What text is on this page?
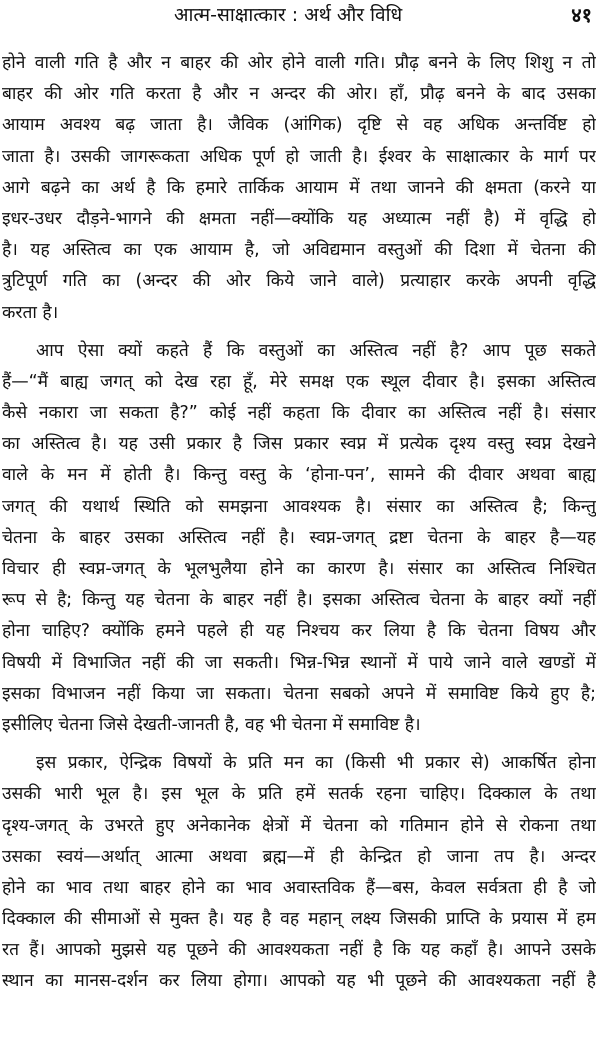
आत्म-साक्षात्कार : अर्थ और विधि	४१

होने वाली गति है और न बाहर की ओर होने वाली गति। प्रौढ़ बनने के लिए शिशु न तो
बाहर की ओर गति करता है और न अन्दर की ओर। हाँ, प्रौढ़ बनने के बाद उसका
आयाम अवश्य बढ़ जाता है। जैविक (आंगिक) दृष्टि से वह अधिक अन्तर्विष्ट हो
जाता है। उसकी जागरूकता अधिक पूर्ण हो जाती है। ईश्वर के साक्षात्कार के मार्ग पर
आगे बढ़ने का अर्थ है कि हमारे तार्किक आयाम में तथा जानने की क्षमता (करने या
इधर-उधर दौड़ने-भागने की क्षमता नहीं—क्योंकि यह अध्यात्म नहीं है) में वृद्धि हो
है। यह अस्तित्व का एक आयाम है, जो अविद्यमान वस्तुओं की दिशा में चेतना की
त्रुटिपूर्ण गति का (अन्दर की ओर किये जाने वाले) प्रत्याहार करके अपनी वृद्धि
करता है।

आप ऐसा क्यों कहते हैं कि वस्तुओं का अस्तित्व नहीं है? आप पूछ सकते
हैं—“मैं बाह्य जगत् को देख रहा हूँ, मेरे समक्ष एक स्थूल दीवार है। इसका अस्तित्व
कैसे नकारा जा सकता है?” कोई नहीं कहता कि दीवार का अस्तित्व नहीं है। संसार
का अस्तित्व है। यह उसी प्रकार है जिस प्रकार स्वप्न में प्रत्येक दृश्य वस्तु स्वप्न देखने
वाले के मन में होती है। किन्तु वस्तु के ‘होना-पन’, सामने की दीवार अथवा बाह्य
जगत् की यथार्थ स्थिति को समझना आवश्यक है। संसार का अस्तित्व है; किन्तु
चेतना के बाहर उसका अस्तित्व नहीं है। स्वप्न-जगत् द्रष्टा चेतना के बाहर है—यह
विचार ही स्वप्न-जगत् के भूलभुलैया होने का कारण है। संसार का अस्तित्व निश्चित
रूप से है; किन्तु यह चेतना के बाहर नहीं है। इसका अस्तित्व चेतना के बाहर क्यों नहीं
होना चाहिए? क्योंकि हमने पहले ही यह निश्चय कर लिया है कि चेतना विषय और
विषयी में विभाजित नहीं की जा सकती। भिन्न-भिन्न स्थानों में पाये जाने वाले खण्डों में
इसका विभाजन नहीं किया जा सकता। चेतना सबको अपने में समाविष्ट किये हुए है;
इसीलिए चेतना जिसे देखती-जानती है, वह भी चेतना में समाविष्ट है।

इस प्रकार, ऐन्द्रिक विषयों के प्रति मन का (किसी भी प्रकार से) आकर्षित होना
उसकी भारी भूल है। इस भूल के प्रति हमें सतर्क रहना चाहिए। दिक्काल के तथा
दृश्य-जगत् के उभरते हुए अनेकानेक क्षेत्रों में चेतना को गतिमान होने से रोकना तथा
उसका स्वयं—अर्थात् आत्मा अथवा ब्रह्म—में ही केन्द्रित हो जाना तप है। अन्दर
होने का भाव तथा बाहर होने का भाव अवास्तविक हैं—बस, केवल सर्वत्रता ही है जो
दिक्काल की सीमाओं से मुक्त है। यह है वह महान् लक्ष्य जिसकी प्राप्ति के प्रयास में हम
रत हैं। आपको मुझसे यह पूछने की आवश्यकता नहीं है कि यह कहाँ है। आपने उसके
स्थान का मानस-दर्शन कर लिया होगा। आपको यह भी पूछने की आवश्यकता नहीं है
